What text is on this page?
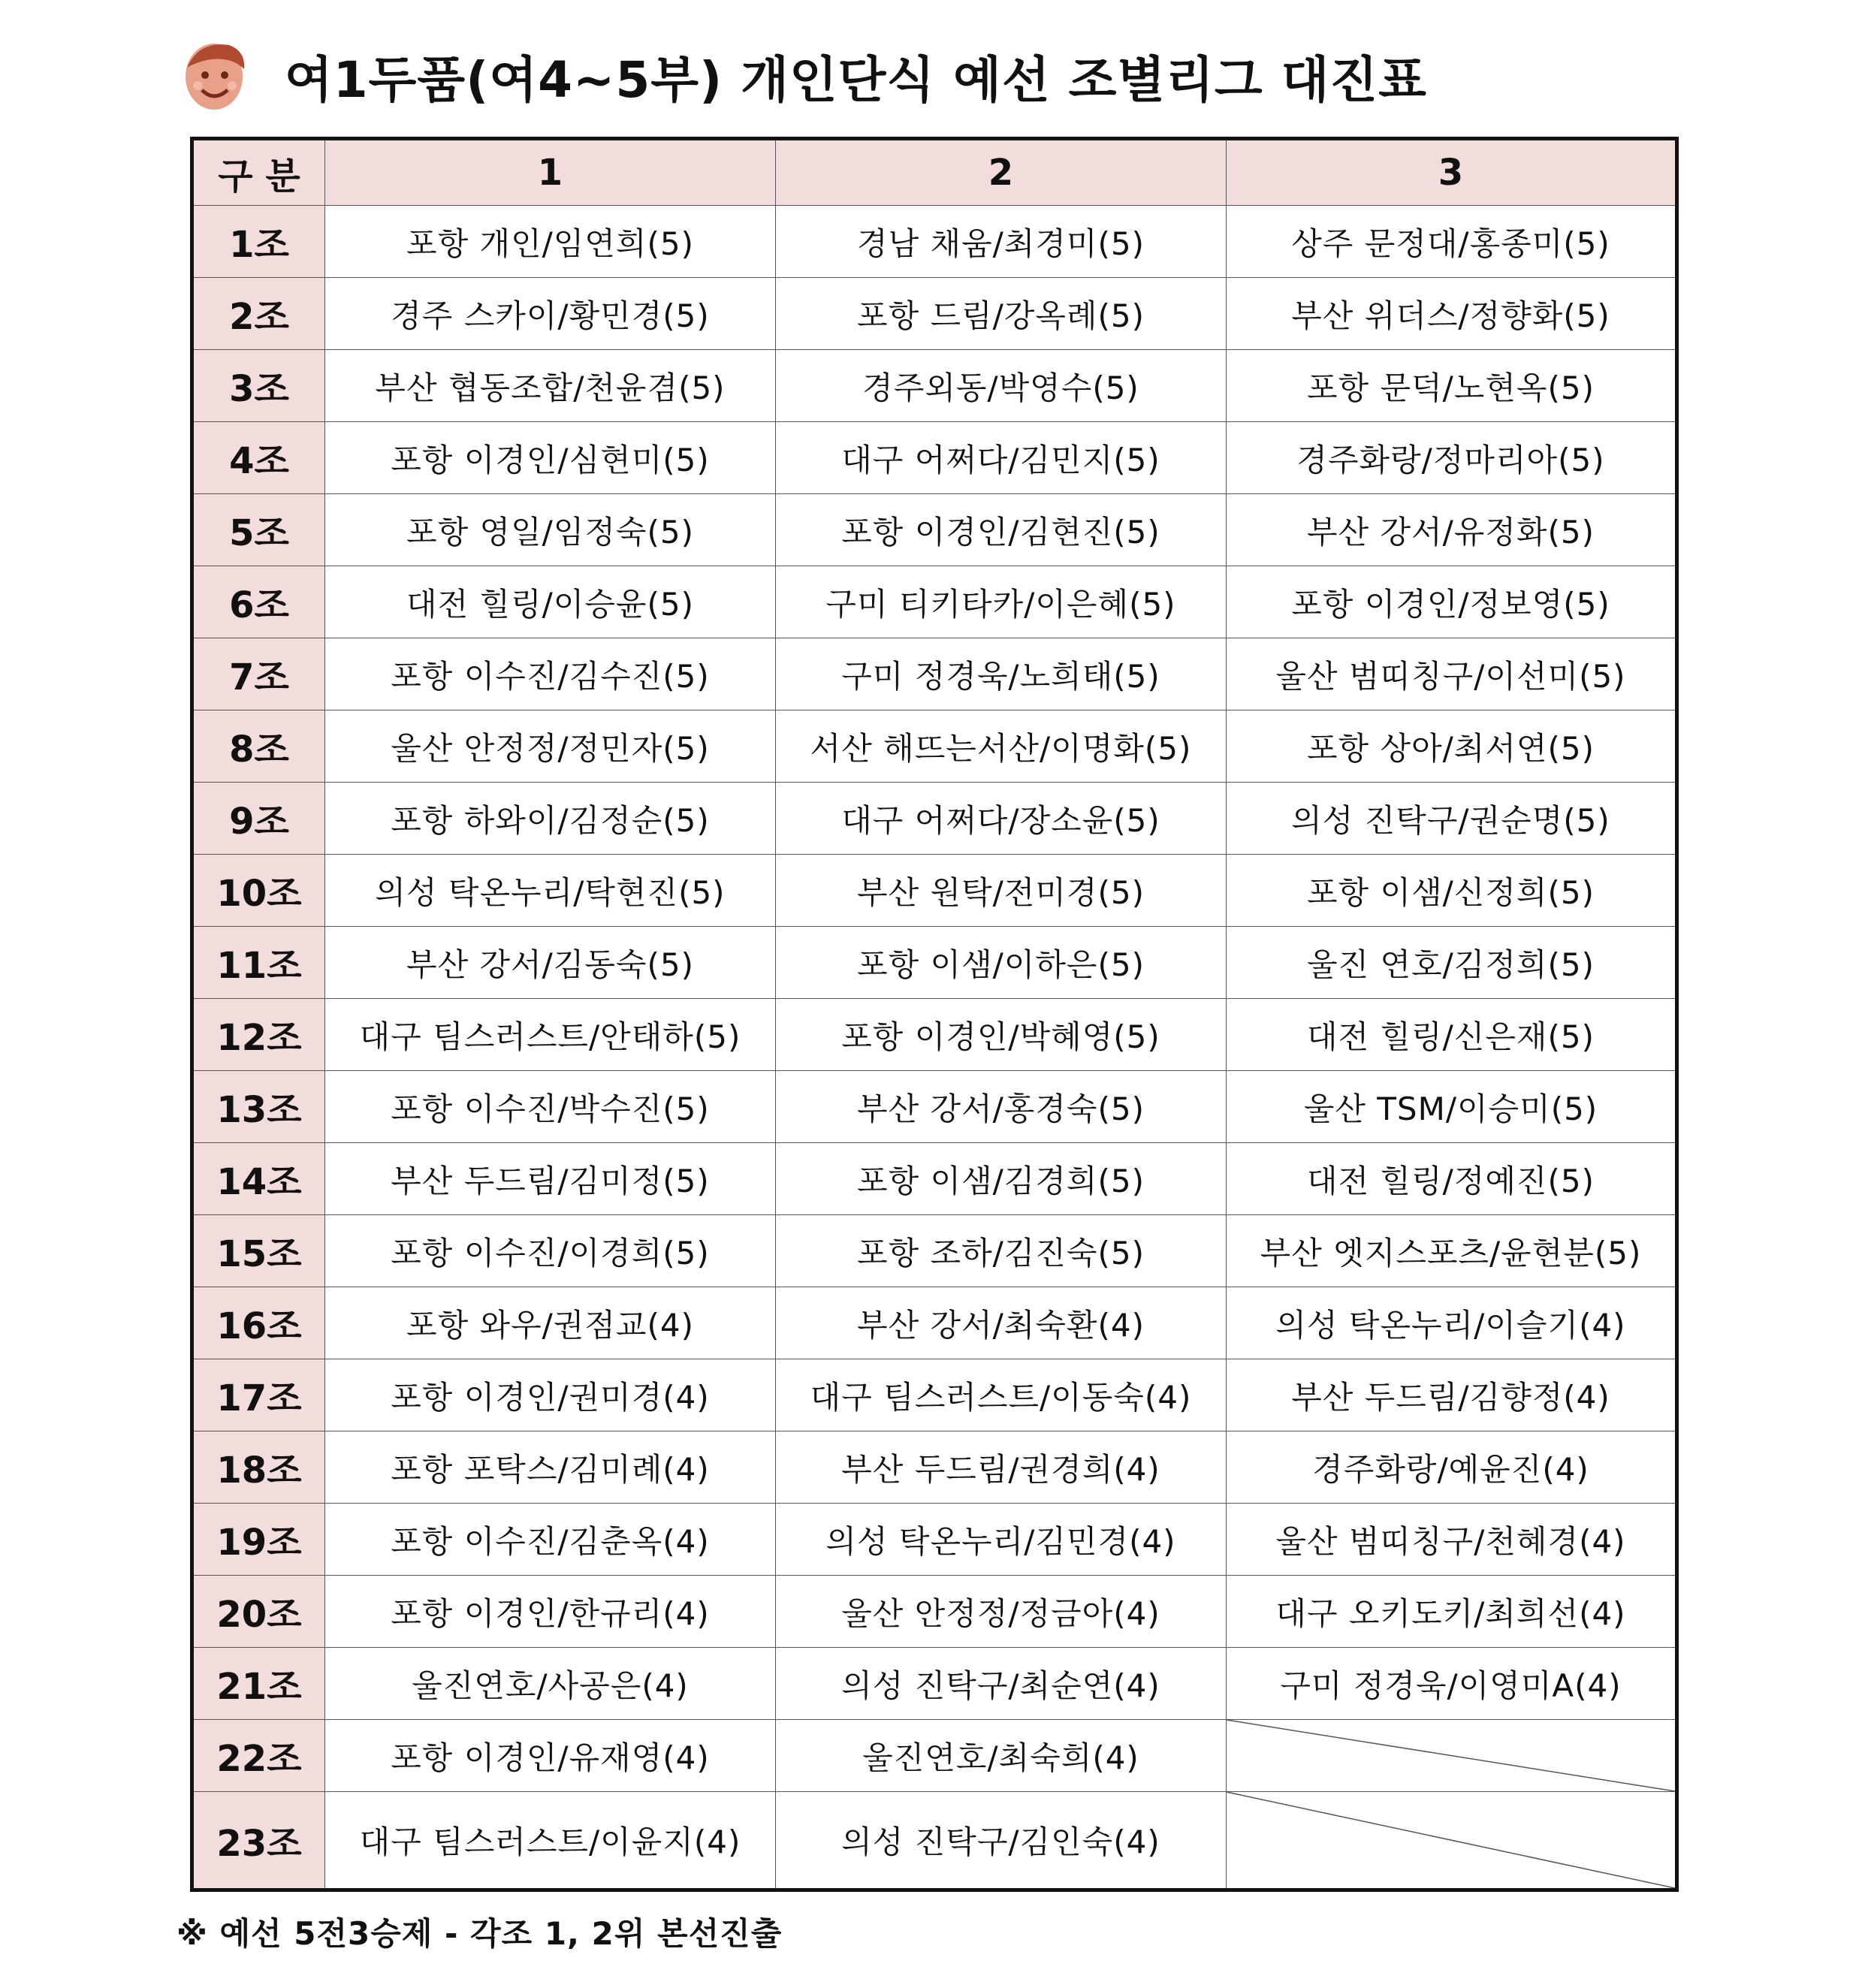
여1두품(여4~5부) 개인단식 예선 조별리그 대진표
구 분	1	2	3
1조	포항 개인/임연희(5)	경남 채움/최경미(5)	상주 문정대/홍종미(5)
2조	경주 스카이/황민경(5)	포항 드림/강옥례(5)	부산 위더스/정향화(5)
3조	부산 협동조합/천윤겸(5)	경주외동/박영수(5)	포항 문덕/노현옥(5)
4조	포항 이경인/심현미(5)	대구 어쩌다/김민지(5)	경주화랑/정마리아(5)
5조	포항 영일/임정숙(5)	포항 이경인/김현진(5)	부산 강서/유정화(5)
6조	대전 힐링/이승윤(5)	구미 티키타카/이은혜(5)	포항 이경인/정보영(5)
7조	포항 이수진/김수진(5)	구미 정경욱/노희태(5)	울산 범띠칭구/이선미(5)
8조	울산 안정정/정민자(5)	서산 해뜨는서산/이명화(5)	포항 상아/최서연(5)
9조	포항 하와이/김정순(5)	대구 어쩌다/장소윤(5)	의성 진탁구/권순명(5)
10조	의성 탁온누리/탁현진(5)	부산 원탁/전미경(5)	포항 이샘/신정희(5)
11조	부산 강서/김동숙(5)	포항 이샘/이하은(5)	울진 연호/김정희(5)
12조	대구 팀스러스트/안태하(5)	포항 이경인/박혜영(5)	대전 힐링/신은재(5)
13조	포항 이수진/박수진(5)	부산 강서/홍경숙(5)	울산 TSM/이승미(5)
14조	부산 두드림/김미정(5)	포항 이샘/김경희(5)	대전 힐링/정예진(5)
15조	포항 이수진/이경희(5)	포항 조하/김진숙(5)	부산 엣지스포츠/윤현분(5)
16조	포항 와우/권점교(4)	부산 강서/최숙환(4)	의성 탁온누리/이슬기(4)
17조	포항 이경인/권미경(4)	대구 팀스러스트/이동숙(4)	부산 두드림/김향정(4)
18조	포항 포탁스/김미례(4)	부산 두드림/권경희(4)	경주화랑/예윤진(4)
19조	포항 이수진/김춘옥(4)	의성 탁온누리/김민경(4)	울산 범띠칭구/천혜경(4)
20조	포항 이경인/한규리(4)	울산 안정정/정금아(4)	대구 오키도키/최희선(4)
21조	울진연호/사공은(4)	의성 진탁구/최순연(4)	구미 정경욱/이영미A(4)
22조	포항 이경인/유재영(4)	울진연호/최숙희(4)	

23조	대구 팀스러스트/이윤지(4)	의성 진탁구/김인숙(4)	
※ 예선 5전3승제 - 각조 1, 2위 본선진출
